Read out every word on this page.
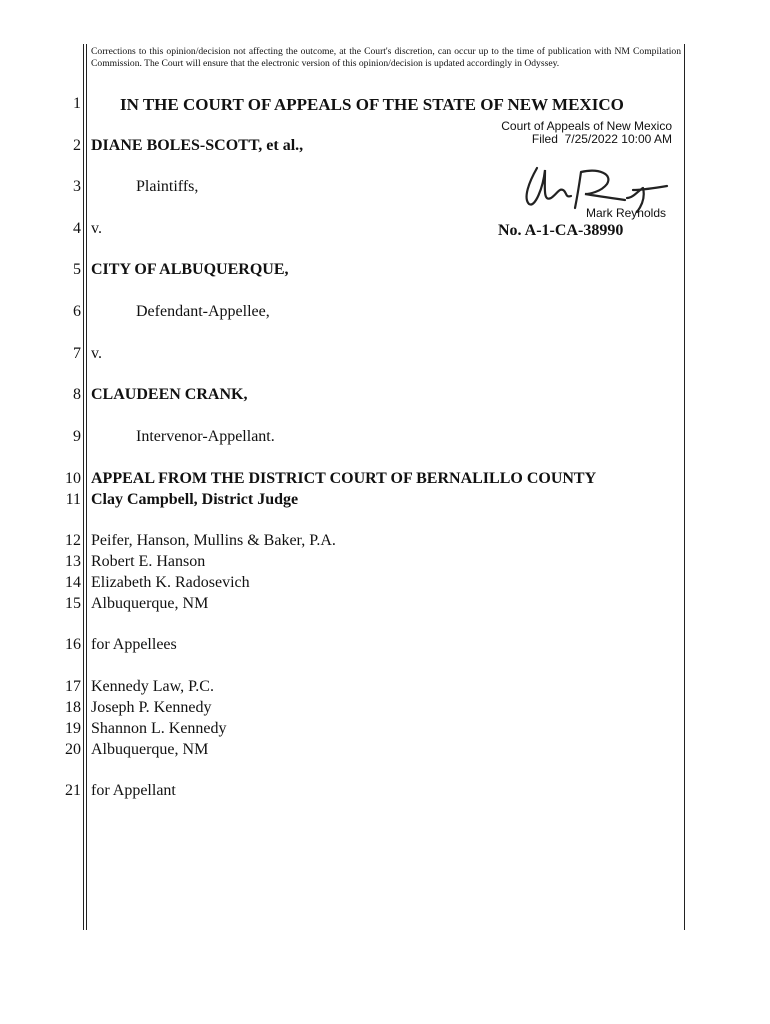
Corrections to this opinion/decision not affecting the outcome, at the Court's discretion, can occur up to the time of publication with NM Compilation Commission. The Court will ensure that the electronic version of this opinion/decision is updated accordingly in Odyssey.
1
2
3
4
5
6
7
8
9
10
11
12
13
14
15
16
17
18
19
20
21
IN THE COURT OF APPEALS OF THE STATE OF NEW MEXICO
Court of Appeals of New Mexico
Filed  7/25/2022 10:00 AM
Mark Reynolds
No. A-1-CA-38990
DIANE BOLES-SCOTT, et al.,
Plaintiffs,
v.
CITY OF ALBUQUERQUE,
Defendant-Appellee,
v.
CLAUDEEN CRANK,
Intervenor-Appellant.
APPEAL FROM THE DISTRICT COURT OF BERNALILLO COUNTY
Clay Campbell, District Judge
Peifer, Hanson, Mullins & Baker, P.A.
Robert E. Hanson
Elizabeth K. Radosevich
Albuquerque, NM
for Appellees
Kennedy Law, P.C.
Joseph P. Kennedy
Shannon L. Kennedy
Albuquerque, NM
for Appellant
